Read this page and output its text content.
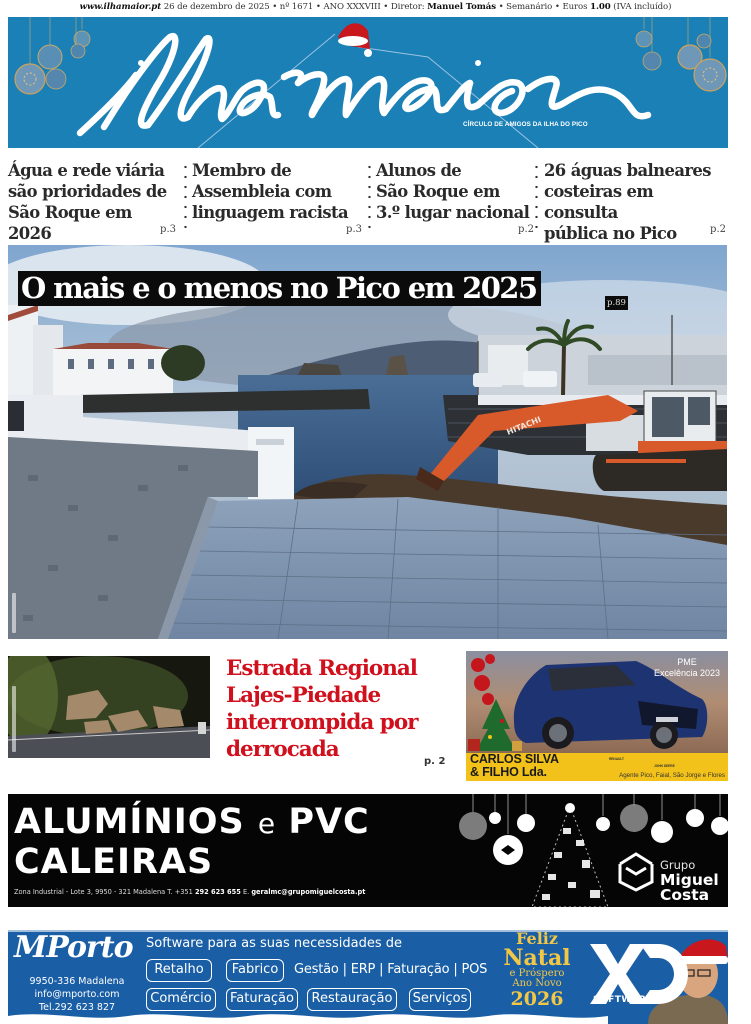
www.ilhamaior.pt 26 de dezembro de 2025 • nº 1671 • ANO XXXVIII • Diretor: Manuel Tomás • Semanário • Euros 1.00 (IVA incluído)
CÍRCULO DE AMIGOS DA ILHA DO PICO
Água e rede viária
são prioridades de
São Roque em 2026	p.3
Membro de
Assembleia com
linguagem racista
p.3
Alunos de
São Roque em
3.º lugar nacional
p.2
26 águas balneares
costeiras em consulta
pública no Pico	p.2
HITACHI
O mais e o menos no Pico em 2025	p.89
Estrada Regional
Lajes-Piedade
interrompida por
derrocada	p. 2
PME
Excelência 2023
CARLOS SILVA
& FILHO Lda.
RENAULT
JOHN DEERE
Agente Pico, Faial, São Jorge e Flores
ALUMÍNIOS e PVC
CALEIRAS
Zona Industrial - Lote 3, 9950 - 321 Madalena T. +351 292 623 655 E. geralmc@grupomiguelcosta.pt
Grupo
Miguel
Costa
MPorto
9950-336 Madalena
info@mporto.com
Tel.292 623 827
Software para as suas necessidades de
Retalho	Fabrico	Gestão | ERP | Faturação | POS
Comércio	Faturação	Restauração	Serviços
Feliz
Natal
e Próspero
Ano Novo
2026	SOFTWARE
